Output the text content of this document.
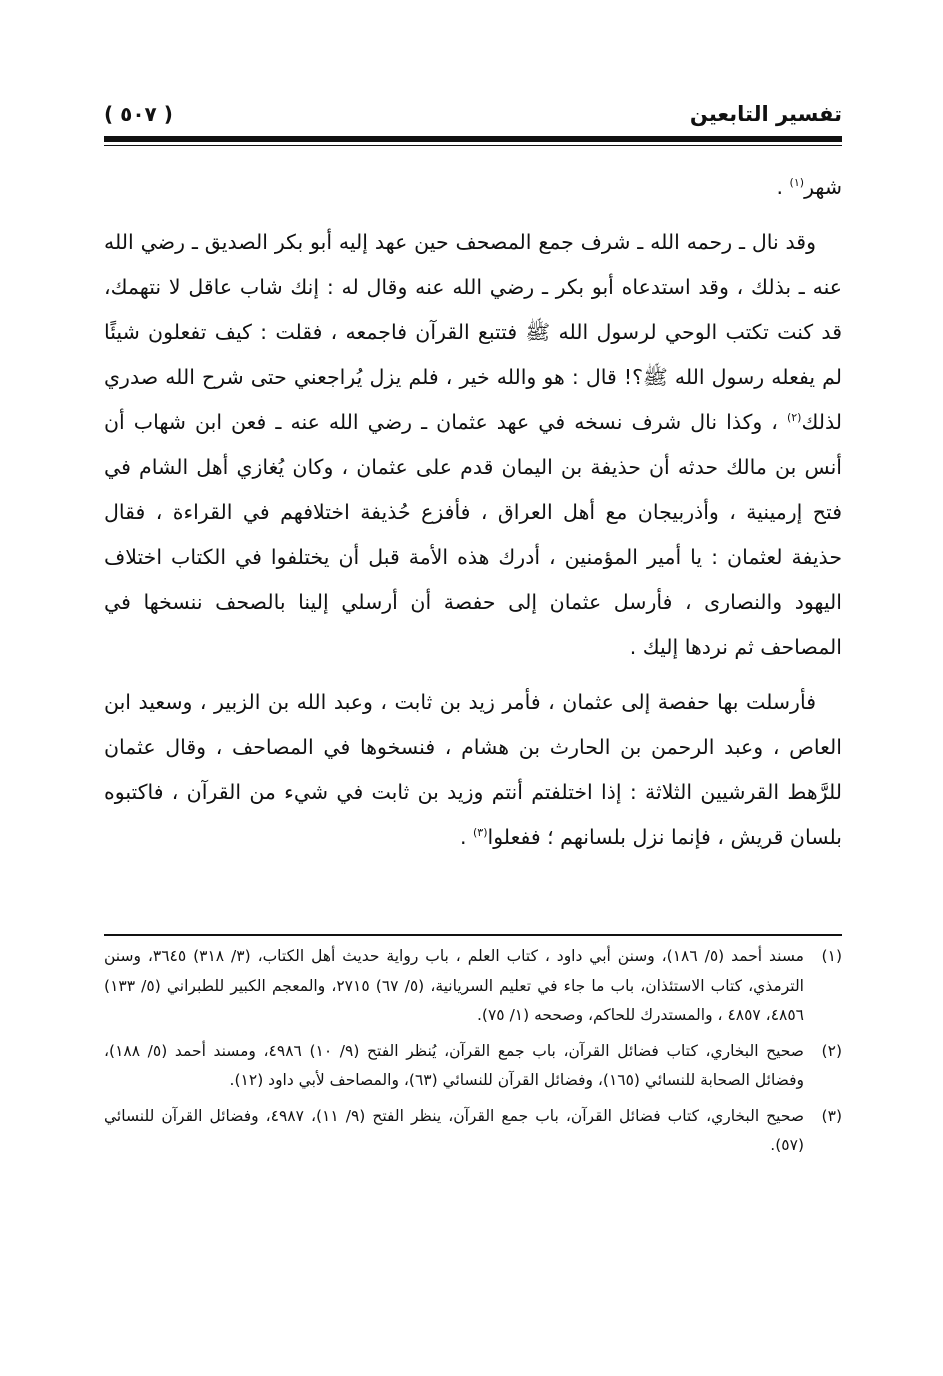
تفسير التابعين
( ٥٠٧ )

شهر$^{(١)}$ .

وقد نال ـ رحمه الله ـ شرف جمع المصحف حين عهد إليه أبو بكر الصديق ـ رضي الله عنه ـ بذلك ، وقد استدعاه أبو بكر ـ رضي الله عنه وقال له : إنك شاب عاقل لا نتهمك، قد كنت تكتب الوحي لرسول الله ﷺ فتتبع القرآن فاجمعه ، فقلت : كيف تفعلون شيئًا لم يفعله رسول الله ﷺ؟! قال : هو والله خير ، فلم يزل يُراجعني حتى شرح الله صدري لذلك$^{(٢)}$ ، وكذا نال شرف نسخه في عهد عثمان ـ رضي الله عنه ـ فعن ابن شهاب أن أنس بن مالك حدثه أن حذيفة بن اليمان قدم على عثمان ، وكان يُغازي أهل الشام في فتح إرمينية ، وأذربيجان مع أهل العراق ، فأفزع حُذيفة اختلافهم في القراءة ، فقال حذيفة لعثمان : يا أمير المؤمنين ، أدرك هذه الأمة قبل أن يختلفوا في الكتاب اختلاف اليهود والنصارى ، فأرسل عثمان إلى حفصة أن أرسلي إلينا بالصحف ننسخها في المصاحف ثم نردها إليك .

فأرسلت بها حفصة إلى عثمان ، فأمر زيد بن ثابت ، وعبد الله بن الزبير ، وسعيد ابن العاص ، وعبد الرحمن بن الحارث بن هشام ، فنسخوها في المصاحف ، وقال عثمان للرَّهط القرشيين الثلاثة : إذا اختلفتم أنتم وزيد بن ثابت في شيء من القرآن ، فاكتبوه بلسان قريش ، فإنما نزل بلسانهم ؛ ففعلوا$^{(٣)}$ .

(١)
مسند أحمد (٥/ ١٨٦)، وسنن أبي داود ، كتاب العلم ، باب رواية حديث أهل الكتاب، (٣/ ٣١٨) ٣٦٤٥، وسنن الترمذي، كتاب الاستئذان، باب ما جاء في تعليم السريانية، (٥/ ٦٧) ٢٧١٥، والمعجم الكبير للطبراني (٥/ ١٣٣) ٤٨٥٦، ٤٨٥٧ ، والمستدرك للحاكم، وصححه (١/ ٧٥).
(٢)
صحيح البخاري، كتاب فضائل القرآن، باب جمع القرآن، يُنظر الفتح (٩/ ١٠) ٤٩٨٦، ومسند أحمد (٥/ ١٨٨)، وفضائل الصحابة للنسائي (١٦٥)، وفضائل القرآن للنسائي (٦٣)، والمصاحف لأبي داود (١٢).
(٣)
صحيح البخاري، كتاب فضائل القرآن، باب جمع القرآن، ينظر الفتح (٩/ ١١)، ٤٩٨٧، وفضائل القرآن للنسائي (٥٧).
